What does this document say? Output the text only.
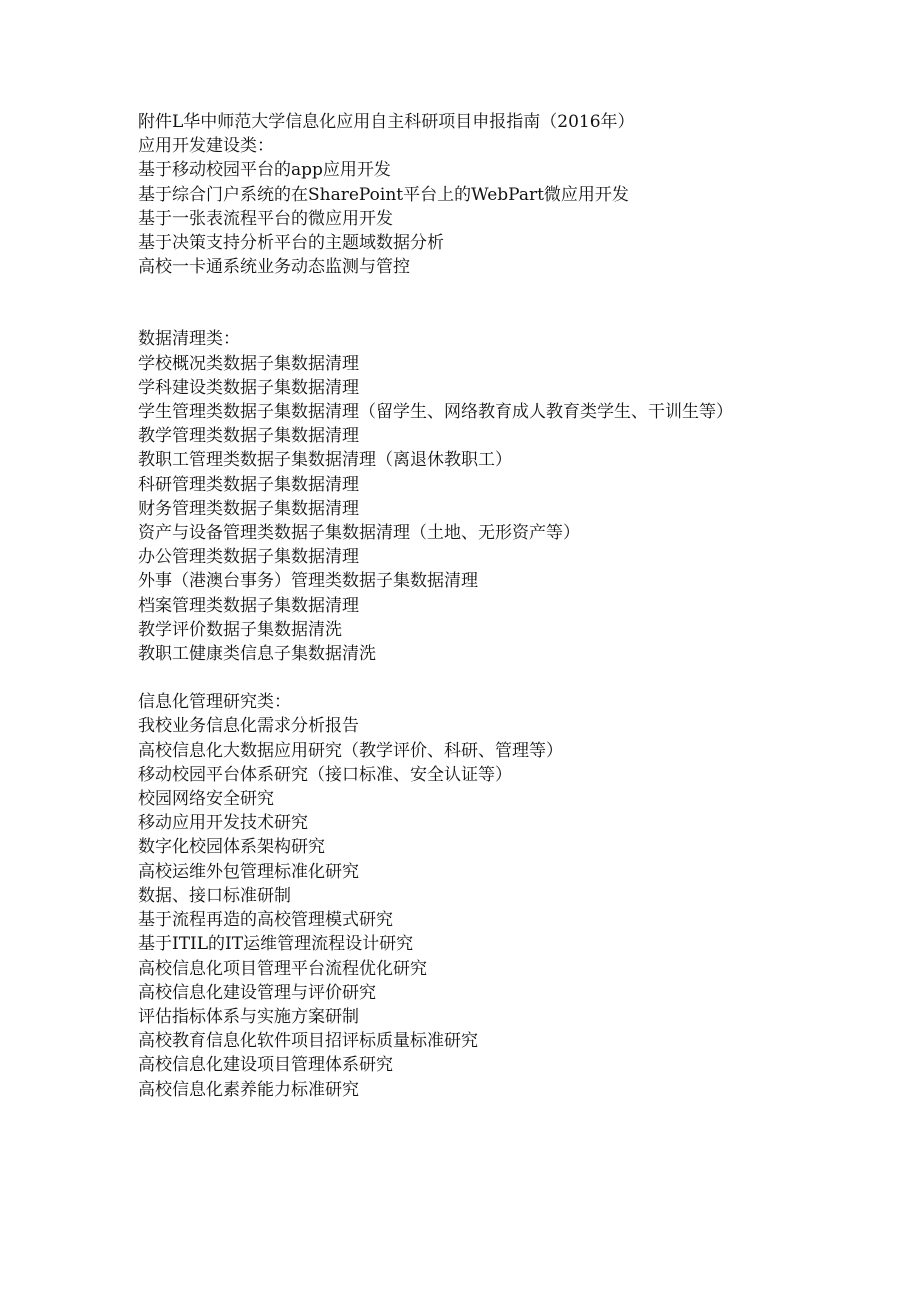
附件L华中师范大学信息化应用自主科研项目申报指南（2016年）

应用开发建设类：

基于移动校园平台的app应用开发

基于综合门户系统的在SharePoint平台上的WebPart微应用开发

基于一张表流程平台的微应用开发

基于决策支持分析平台的主题域数据分析

高校一卡通系统业务动态监测与管控

数据清理类：

学校概况类数据子集数据清理

学科建设类数据子集数据清理

学生管理类数据子集数据清理（留学生、网络教育成人教育类学生、干训生等）

教学管理类数据子集数据清理

教职工管理类数据子集数据清理（离退休教职工）

科研管理类数据子集数据清理

财务管理类数据子集数据清理

资产与设备管理类数据子集数据清理（土地、无形资产等）

办公管理类数据子集数据清理

外事（港澳台事务）管理类数据子集数据清理

档案管理类数据子集数据清理

教学评价数据子集数据清洗

教职工健康类信息子集数据清洗

信息化管理研究类：

我校业务信息化需求分析报告

高校信息化大数据应用研究（教学评价、科研、管理等）

移动校园平台体系研究（接口标准、安全认证等）

校园网络安全研究

移动应用开发技术研究

数字化校园体系架构研究

高校运维外包管理标准化研究

数据、接口标准研制

基于流程再造的高校管理模式研究

基于ITIL的IT运维管理流程设计研究

高校信息化项目管理平台流程优化研究

高校信息化建设管理与评价研究

评估指标体系与实施方案研制

高校教育信息化软件项目招评标质量标准研究

高校信息化建设项目管理体系研究

高校信息化素养能力标准研究
